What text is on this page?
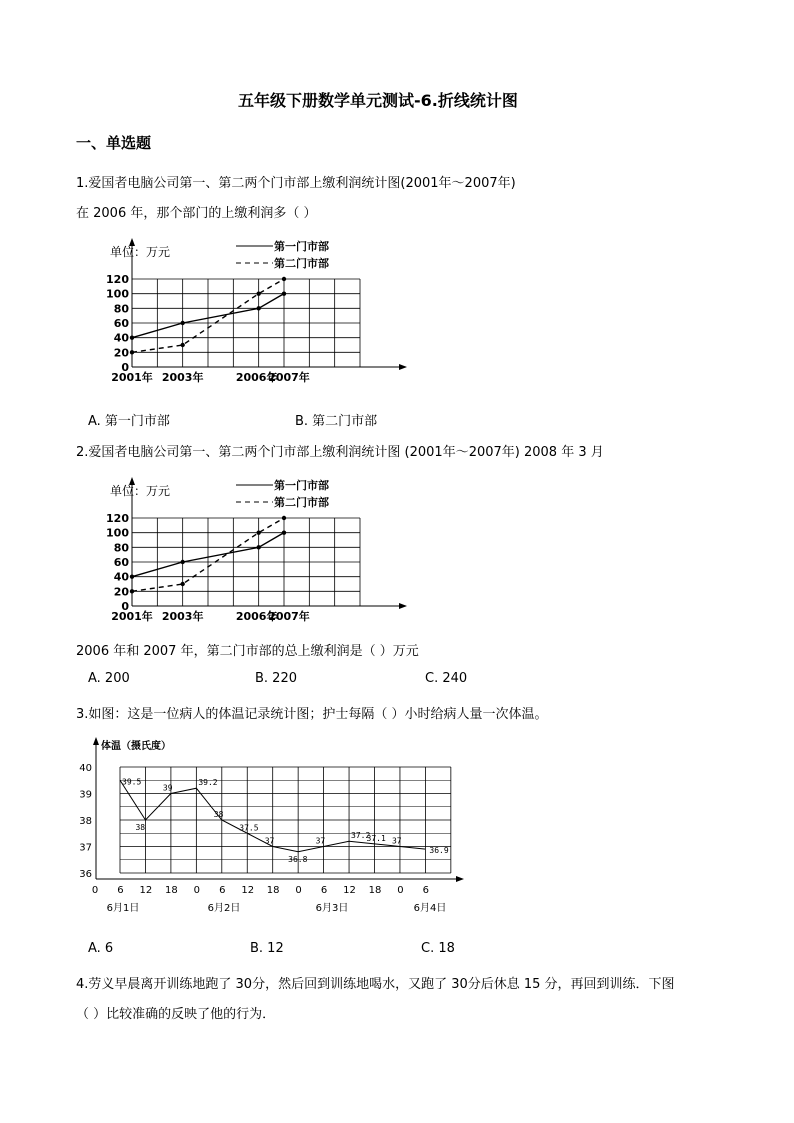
五年级下册数学单元测试-6.折线统计图
一、单选题
1.爱国者电脑公司第一、第二两个门市部上缴利润统计图(2001年～2007年)
在 2006 年，那个部门的上缴利润多（ ）
0
20
40
60
80
100
120
2001年 2003年	2006年
2007年
单位：万元	第一门市部
第二门市部
A. 第一门市部	B. 第二门市部
2.爱国者电脑公司第一、第二两个门市部上缴利润统计图 (2001年～2007年) 2008 年 3 月
0
20
40
60
80
100
120
2001年 2003年	2006年
2007年
单位：万元	第一门市部
第二门市部
2006 年和 2007 年，第二门市部的总上缴利润是（ ）万元
A. 200	B. 220	C. 240
3.如图：这是一位病人的体温记录统计图；护士每隔（ ）小时给病人量一次体温。
体温（摄氏度）
36
37
38
39
40
0 6 12 18 0 6 12 18 0 6 12 18 0 6
6月1日	6月2日	6月3日	6月4日
39.5
38
39
39.2
38
37.5
37
36.8
37
37.2
37.1 37
36.9
A. 6	B. 12	C. 18
4.劳义早晨离开训练地跑了 30分，然后回到训练地喝水，又跑了 30分后休息 15 分，再回到训练．下图
（ ）比较准确的反映了他的行为．
